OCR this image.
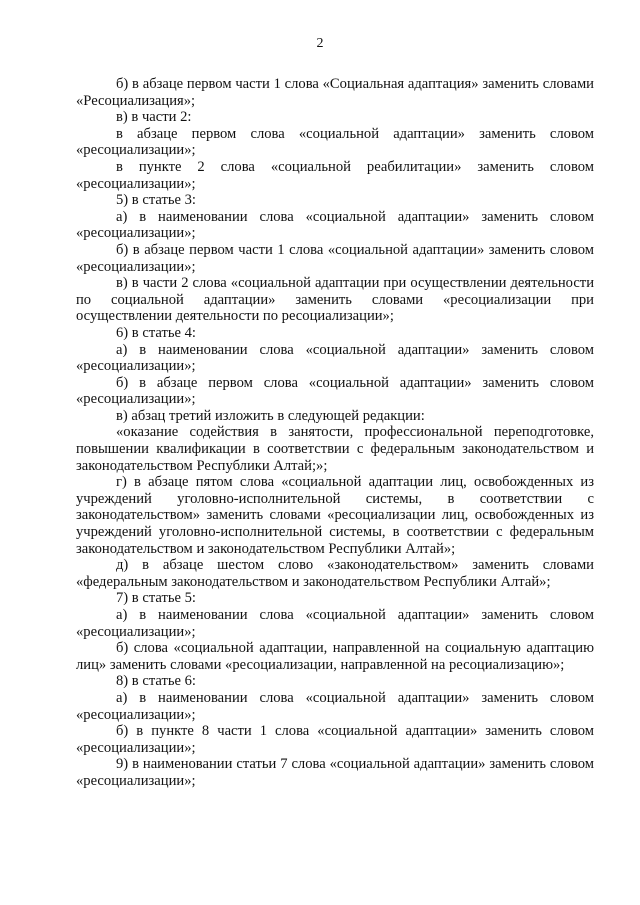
2

б) в абзаце первом части 1 слова «Социальная адаптация» заменить словами «Ресоциализация»;

в) в части 2:

в абзаце первом слова «социальной адаптации» заменить словом «ресоциализации»;

в пункте 2 слова «социальной реабилитации» заменить словом «ресоциализации»;

5) в статье 3:

а) в наименовании слова «социальной адаптации» заменить словом «ресоциализации»;

б) в абзаце первом части 1 слова «социальной адаптации» заменить словом «ресоциализации»;

в) в части 2 слова «социальной адаптации при осуществлении деятельности по социальной адаптации» заменить словами «ресоциализации при осуществлении деятельности по ресоциализации»;

6) в статье 4:

а) в наименовании слова «социальной адаптации» заменить словом «ресоциализации»;

б) в абзаце первом слова «социальной адаптации» заменить словом «ресоциализации»;

в) абзац третий изложить в следующей редакции:

«оказание содействия в занятости, профессиональной переподготовке, повышении квалификации в соответствии с федеральным законодательством и законодательством Республики Алтай;»;

г) в абзаце пятом слова «социальной адаптации лиц, освобожденных из учреждений уголовно-исполнительной системы, в соответствии с законодательством» заменить словами «ресоциализации лиц, освобожденных из учреждений уголовно-исполнительной системы, в соответствии с федеральным законодательством и законодательством Республики Алтай»;

д) в абзаце шестом слово «законодательством» заменить словами «федеральным законодательством и законодательством Республики Алтай»;

7) в статье 5:

а) в наименовании слова «социальной адаптации» заменить словом «ресоциализации»;

б) слова «социальной адаптации, направленной на социальную адаптацию лиц» заменить словами «ресоциализации, направленной на ресоциализацию»;

8) в статье 6:

а) в наименовании слова «социальной адаптации» заменить словом «ресоциализации»;

б) в пункте 8 части 1 слова «социальной адаптации» заменить словом «ресоциализации»;

9) в наименовании статьи 7 слова «социальной адаптации» заменить словом «ресоциализации»;
